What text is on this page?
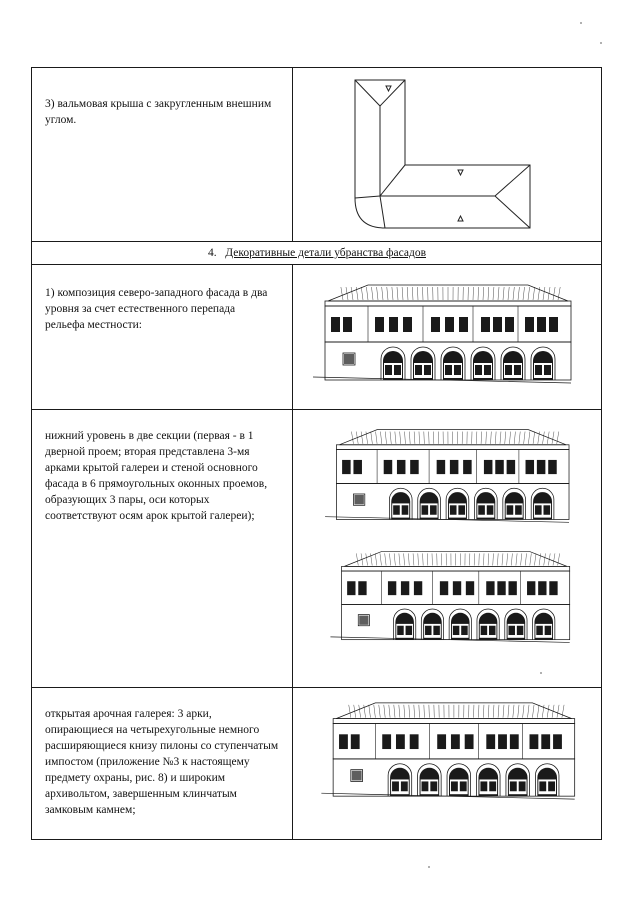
3) вальмовая крыша с закругленным внешним углом.
4. Декоративные детали убранства фасадов
1) композиция северо-западного фасада в два уровня за счет естественного перепада рельефа местности:
нижний уровень в две секции (первая - в 1 дверной проем; вторая представлена 3-мя арками крытой галереи и стеной основного фасада в 6 прямоугольных оконных проемов, образующих 3 пары, оси которых соответствуют осям арок крытой галереи);
открытая арочная галерея: 3 арки, опирающиеся на четырехугольные немного расширяющиеся книзу пилоны со ступенчатым импостом (приложение №3 к настоящему предмету охраны, рис. 8) и широким архивольтом, завершенным клинчатым замковым камнем;
